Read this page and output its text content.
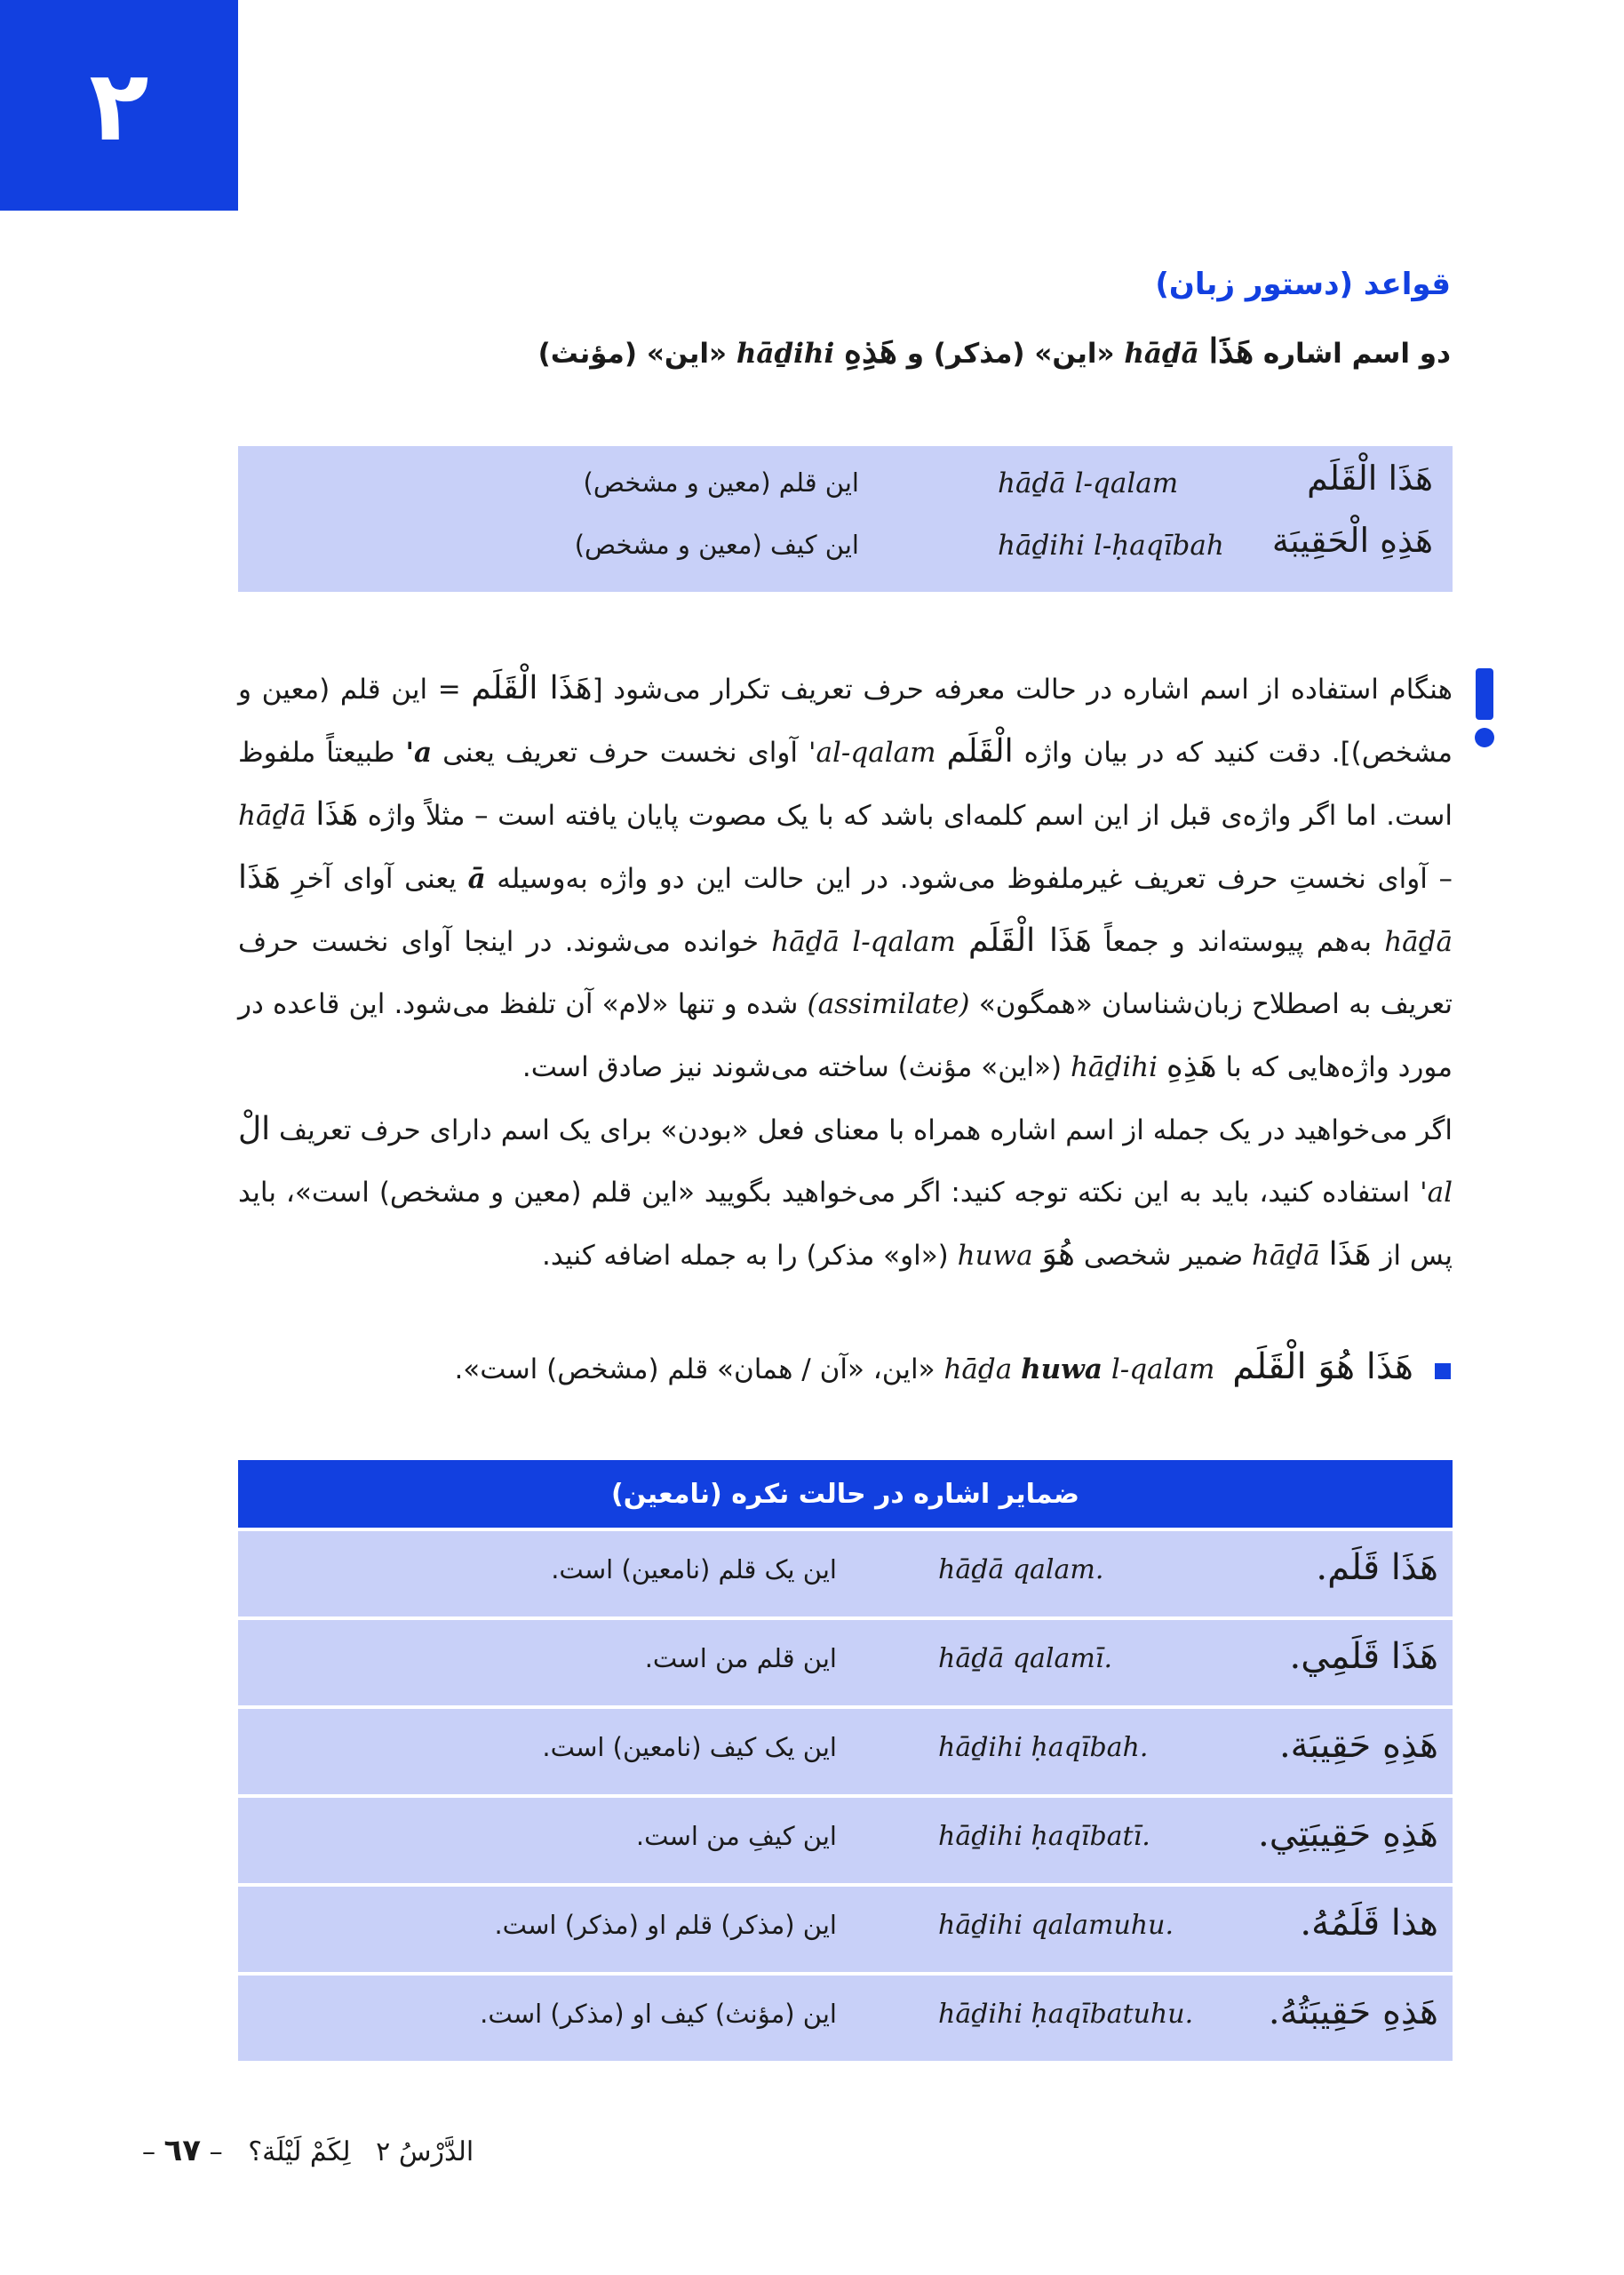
۲
قواعد (دستور زبان)
دو اسم اشاره هَذَا hāḏā «این» (مذکر) و هَذِهِ hāḏihi «این» (مؤنث)
هَذَا الْقَلَم
hāḏā l-qalam
این قلم (معین و مشخص)
هَذِهِ الْحَقِيبَة
hāḏihi l-ḥaqībah
این کیف (معین و مشخص)
هنگام استفاده از اسم اشاره در حالت معرفه حرف تعریف تکرار می‌شود [هَذَا الْقَلَم = این قلم (معین و مشخص)]. دقت کنید که در بیان واژه الْقَلَم al-qalam' آوای نخست حرف تعریف یعنی a' طبیعتاً ملفوظ است. اما اگر واژه‌ی قبل از این اسم کلمه‌ای باشد که با یک مصوت پایان یافته است – مثلاً واژه هَذَا hāḏā – آوای نخستِ حرف تعریف غیرملفوظ می‌شود. در این حالت این دو واژه به‌وسیله ā یعنی آوای آخرِ هَذَا hāḏā به‌هم پیوسته‌اند و جمعاً هَذَا الْقَلَم hāḏā l-qalam خوانده می‌شوند. در اینجا آوای نخست حرف تعریف به اصطلاح زبان‌شناسان «همگون» (assimilate) شده و تنها «لام» آن تلفظ می‌شود. این قاعده در مورد واژه‌هایی که با هَذِهِ hāḏihi («این» مؤنث) ساخته می‌شوند نیز صادق است.
اگر می‌خواهید در یک جمله از اسم اشاره همراه با معنای فعل «بودن» برای یک اسم دارای حرف تعریف الْ al' استفاده کنید، باید به این نکته توجه کنید: اگر می‌خواهید بگویید «این قلم (معین و مشخص) است»، باید پس از هَذَا hāḏā ضمیر شخصی هُوَ huwa («او» مذکر) را به جمله اضافه کنید.
هَذَا هُوَ الْقَلَم hāḏa huwa l-qalam «این، «آن / همان» قلم (مشخص) است».
ضمایر اشاره در حالت نکره (نامعین)
هَذَا قَلَم.
hāḏā qalam.
این یک قلم (نامعین) است.
هَذَا قَلَمِي.
hāḏā qalamī.
این قلم من است.
هَذِهِ حَقِيبَة.
hāḏihi ḥaqībah.
این یک کیف (نامعین) است.
هَذِهِ حَقِيبَتِي.
hāḏihi ḥaqībatī.
این کیفِ من است.
هذا قَلَمُهُ.
hāḏihi qalamuhu.
این (مذکر) قلم او (مذکر) است.
هَذِهِ حَقِيبَتُهُ.
hāḏihi ḥaqībatuhu.
این (مؤنث) کیف او (مذکر) است.
الدَّرْسُ ٢   لِكَمْ لَيْلَة؟   – ٦٧ –
